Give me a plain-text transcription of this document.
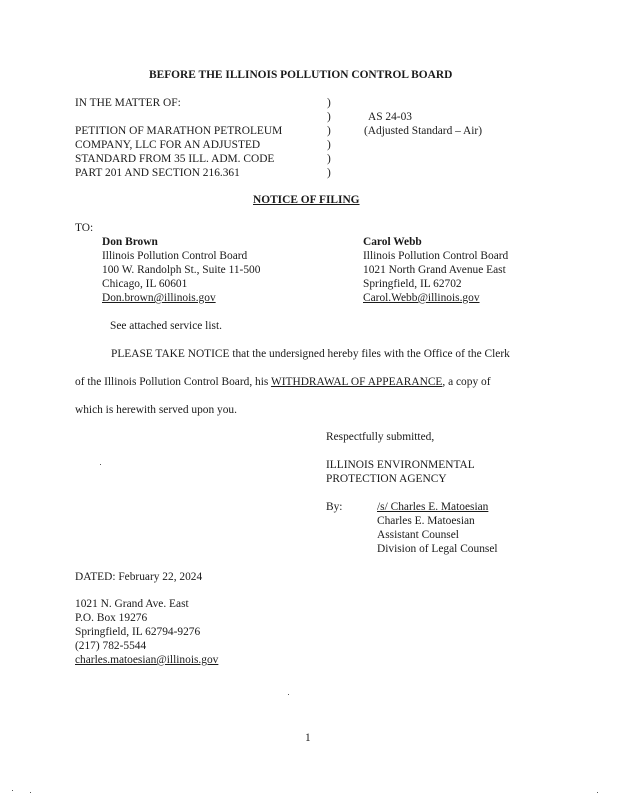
BEFORE THE ILLINOIS POLLUTION CONTROL BOARD
IN THE MATTER OF:
PETITION OF MARATHON PETROLEUM
COMPANY, LLC FOR AN ADJUSTED
STANDARD FROM 35 ILL. ADM. CODE
PART 201 AND SECTION 216.361
)
)
)
)
)
)
AS 24-03
(Adjusted Standard – Air)
NOTICE OF FILING
TO:
Don Brown
Illinois Pollution Control Board
100 W. Randolph St., Suite 11-500
Chicago, IL 60601
Don.brown@illinois.gov
Carol Webb
Illinois Pollution Control Board
1021 North Grand Avenue East
Springfield, IL 62702
Carol.Webb@illinois.gov
See attached service list.
PLEASE TAKE NOTICE that the undersigned hereby files with the Office of the Clerk
of the Illinois Pollution Control Board, his WITHDRAWAL OF APPEARANCE, a copy of
which is herewith served upon you.
Respectfully submitted,
ILLINOIS ENVIRONMENTAL
PROTECTION AGENCY
By:	/s/ Charles E. Matoesian
Charles E. Matoesian
Assistant Counsel
Division of Legal Counsel
DATED: February 22, 2024
1021 N. Grand Ave. East
P.O. Box 19276
Springfield, IL 62794-9276
(217) 782-5544
charles.matoesian@illinois.gov
1
